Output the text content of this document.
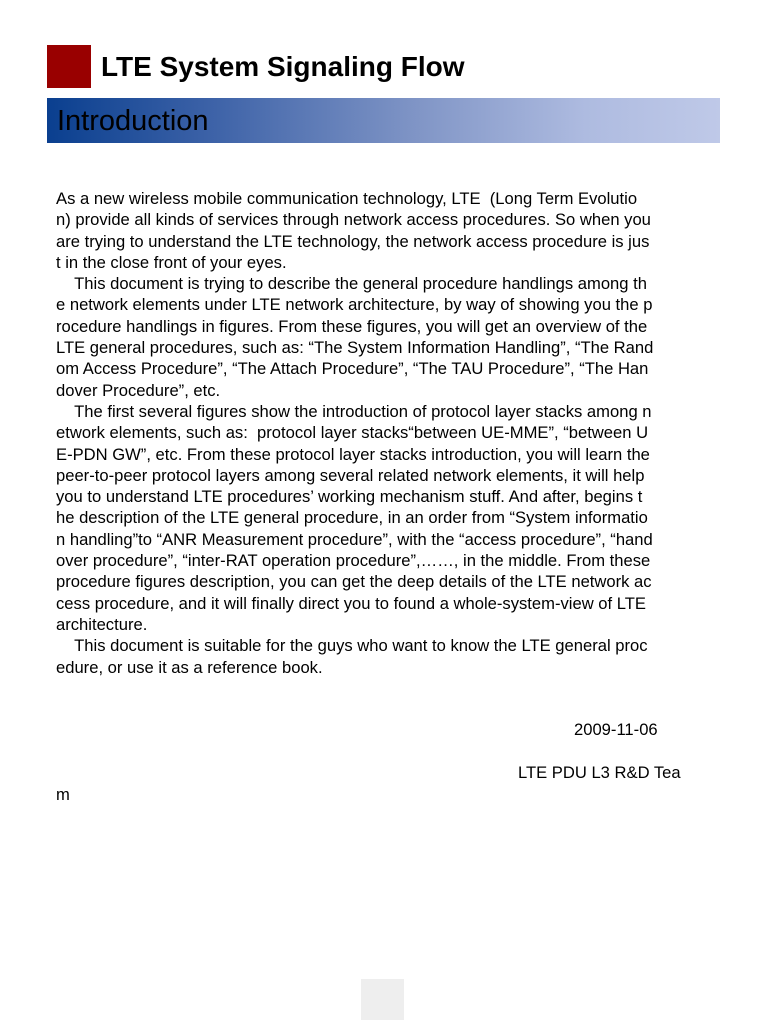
LTE System Signaling Flow
Introduction
As a new wireless mobile communication technology, LTE  (Long Term Evolutio
n) provide all kinds of services through network access procedures. So when you
are trying to understand the LTE technology, the network access procedure is jus
t in the close front of your eyes.
This document is trying to describe the general procedure handlings among th
e network elements under LTE network architecture, by way of showing you the p
rocedure handlings in figures. From these figures, you will get an overview of the
LTE general procedures, such as: “The System Information Handling”, “The Rand
om Access Procedure”, “The Attach Procedure”, “The TAU Procedure”, “The Han
dover Procedure”, etc.
The first several figures show the introduction of protocol layer stacks among n
etwork elements, such as:  protocol layer stacks“between UE-MME”, “between U
E-PDN GW”, etc. From these protocol layer stacks introduction, you will learn the
peer-to-peer protocol layers among several related network elements, it will help
you to understand LTE procedures’ working mechanism stuff. And after, begins t
he description of the LTE general procedure, in an order from “System informatio
n handling”to “ANR Measurement procedure”, with the “access procedure”, “hand
over procedure”, “inter-RAT operation procedure”,……, in the middle. From these
procedure figures description, you can get the deep details of the LTE network ac
cess procedure, and it will finally direct you to found a whole-system-view of LTE
architecture.
This document is suitable for the guys who want to know the LTE general proc
edure, or use it as a reference book.
2009-11-06
LTE PDU L3 R&D Tea
m
